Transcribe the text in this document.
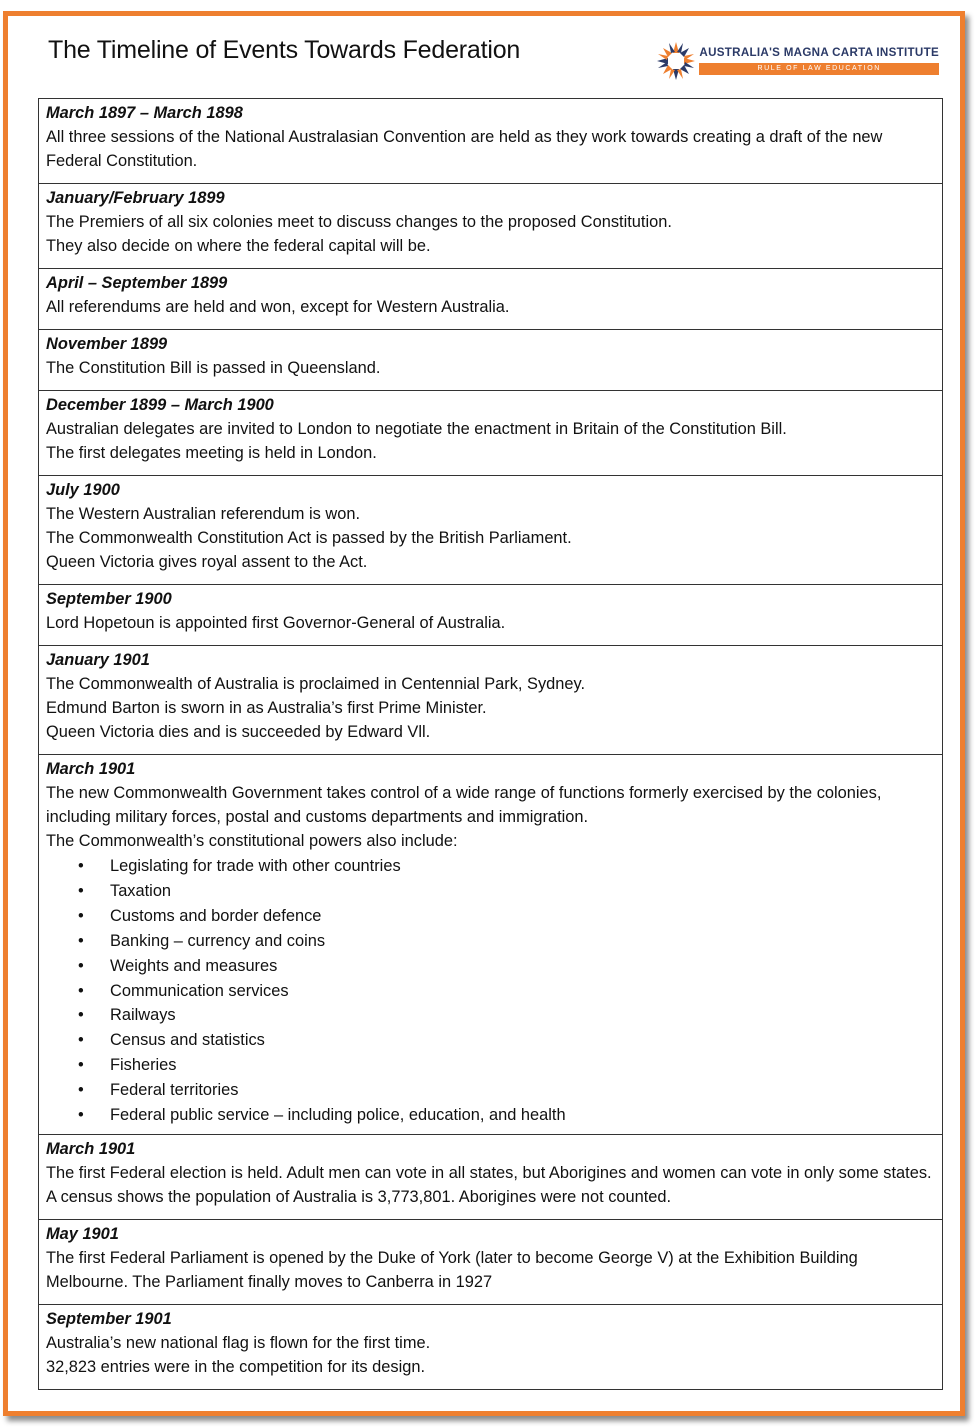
The Timeline of Events Towards Federation	AUSTRALIA'S MAGNA CARTA INSTITUTE
RULE OF LAW EDUCATION
March 1897 – March 1898
All three sessions of the National Australasian Convention are held as they work towards creating a draft of the new Federal Constitution.
January/February 1899
The Premiers of all six colonies meet to discuss changes to the proposed Constitution.
They also decide on where the federal capital will be.
April – September 1899
All referendums are held and won, except for Western Australia.
November 1899
The Constitution Bill is passed in Queensland.
December 1899 – March 1900
Australian delegates are invited to London to negotiate the enactment in Britain of the Constitution Bill.
The first delegates meeting is held in London.
July 1900
The Western Australian referendum is won.
The Commonwealth Constitution Act is passed by the British Parliament.
Queen Victoria gives royal assent to the Act.
September 1900
Lord Hopetoun is appointed first Governor-General of Australia.
January 1901
The Commonwealth of Australia is proclaimed in Centennial Park, Sydney.
Edmund Barton is sworn in as Australia’s first Prime Minister.
Queen Victoria dies and is succeeded by Edward Vll.
March 1901
The new Commonwealth Government takes control of a wide range of functions formerly exercised by the colonies, including military forces, postal and customs departments and immigration.
The Commonwealth’s constitutional powers also include:
• Legislating for trade with other countries
• Taxation
• Customs and border defence
• Banking – currency and coins
• Weights and measures
• Communication services
• Railways
• Census and statistics
• Fisheries
• Federal territories
• Federal public service – including police, education, and health
March 1901
The first Federal election is held. Adult men can vote in all states, but Aborigines and women can vote in only some states. A census shows the population of Australia is 3,773,801. Aborigines were not counted.
May 1901
The first Federal Parliament is opened by the Duke of York (later to become George V) at the Exhibition Building Melbourne. The Parliament finally moves to Canberra in 1927
September 1901
Australia’s new national flag is flown for the first time.
32,823 entries were in the competition for its design.
